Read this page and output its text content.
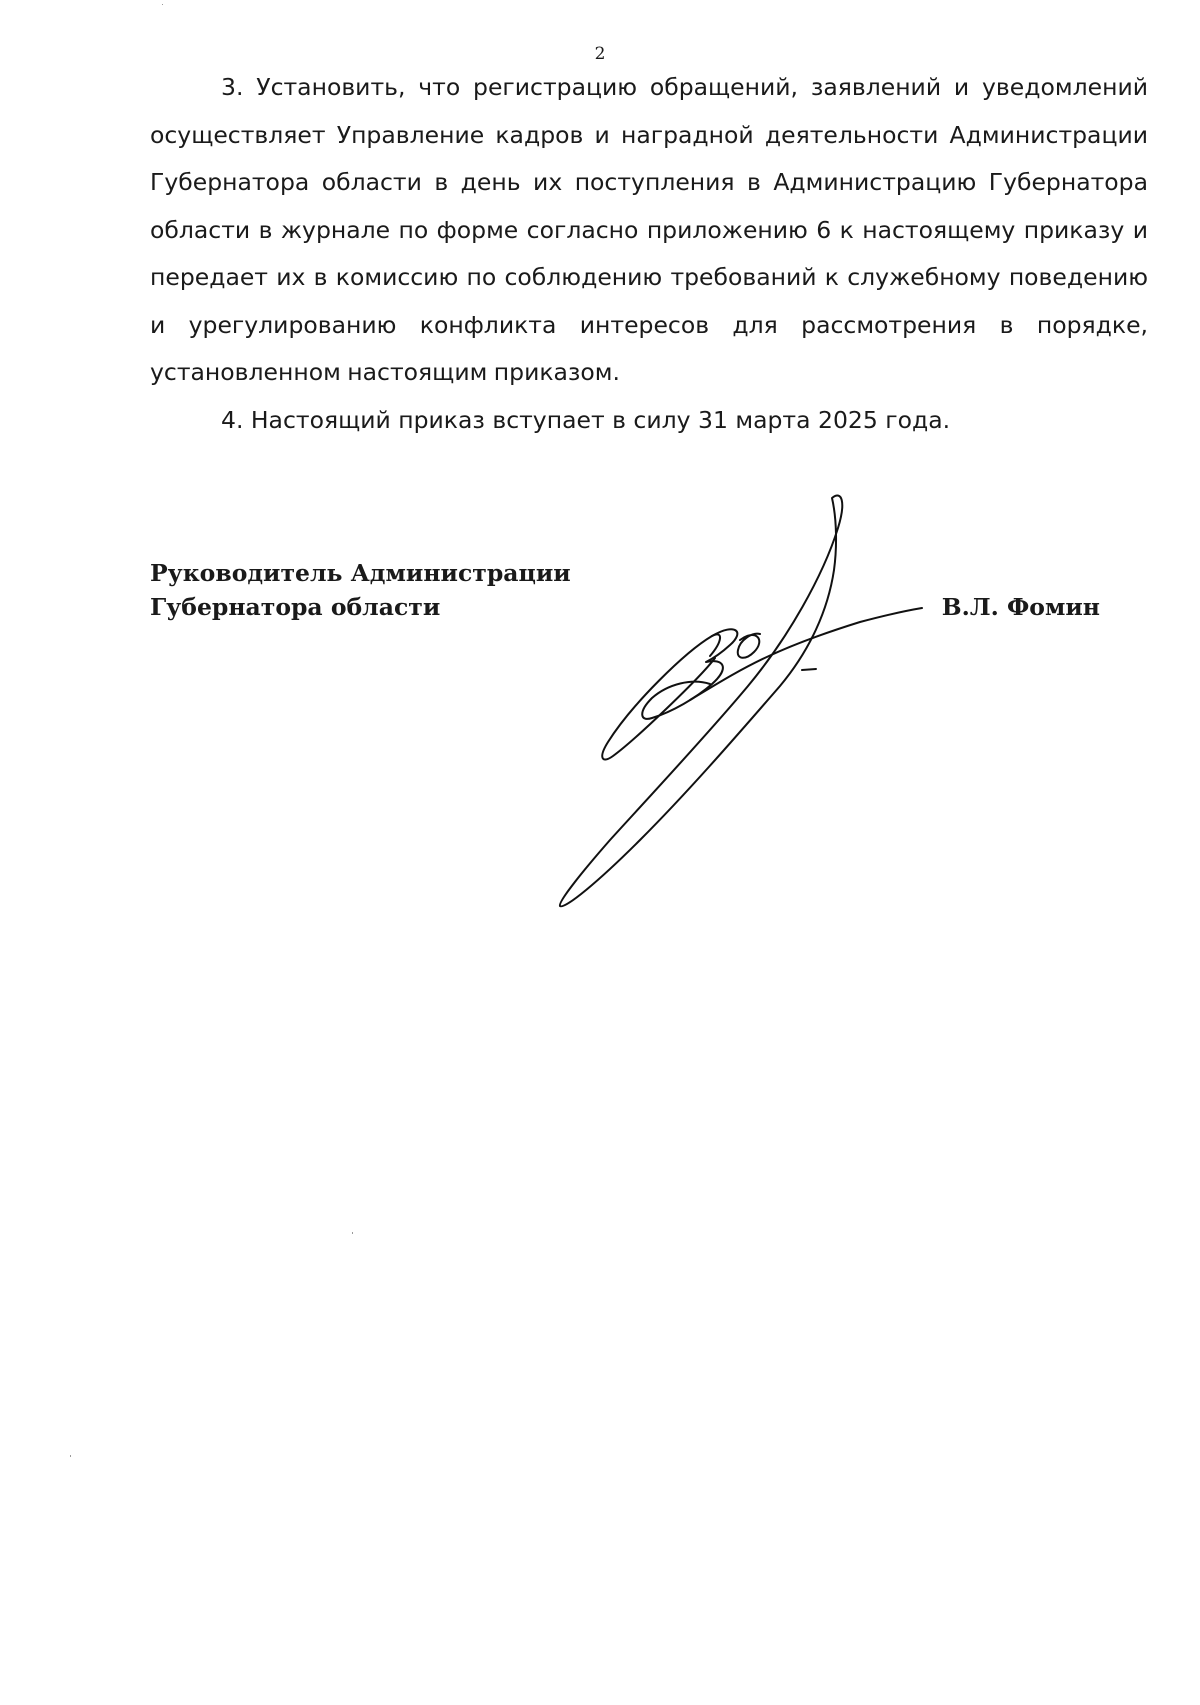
2

3. Установить, что регистрацию обращений, заявлений и уведомлений осуществляет Управление кадров и наградной деятельности Администрации Губернатора области в день их поступления в Администрацию Губернатора области в журнале по форме согласно приложению 6 к настоящему приказу и передает их в комиссию по соблюдению требований к служебному поведению и урегулированию конфликта интересов для рассмотрения в порядке, установленном настоящим приказом.

4. Настоящий приказ вступает в силу 31 марта 2025 года.

Руководитель Администрации
Губернатора области	В.Л. Фомин
